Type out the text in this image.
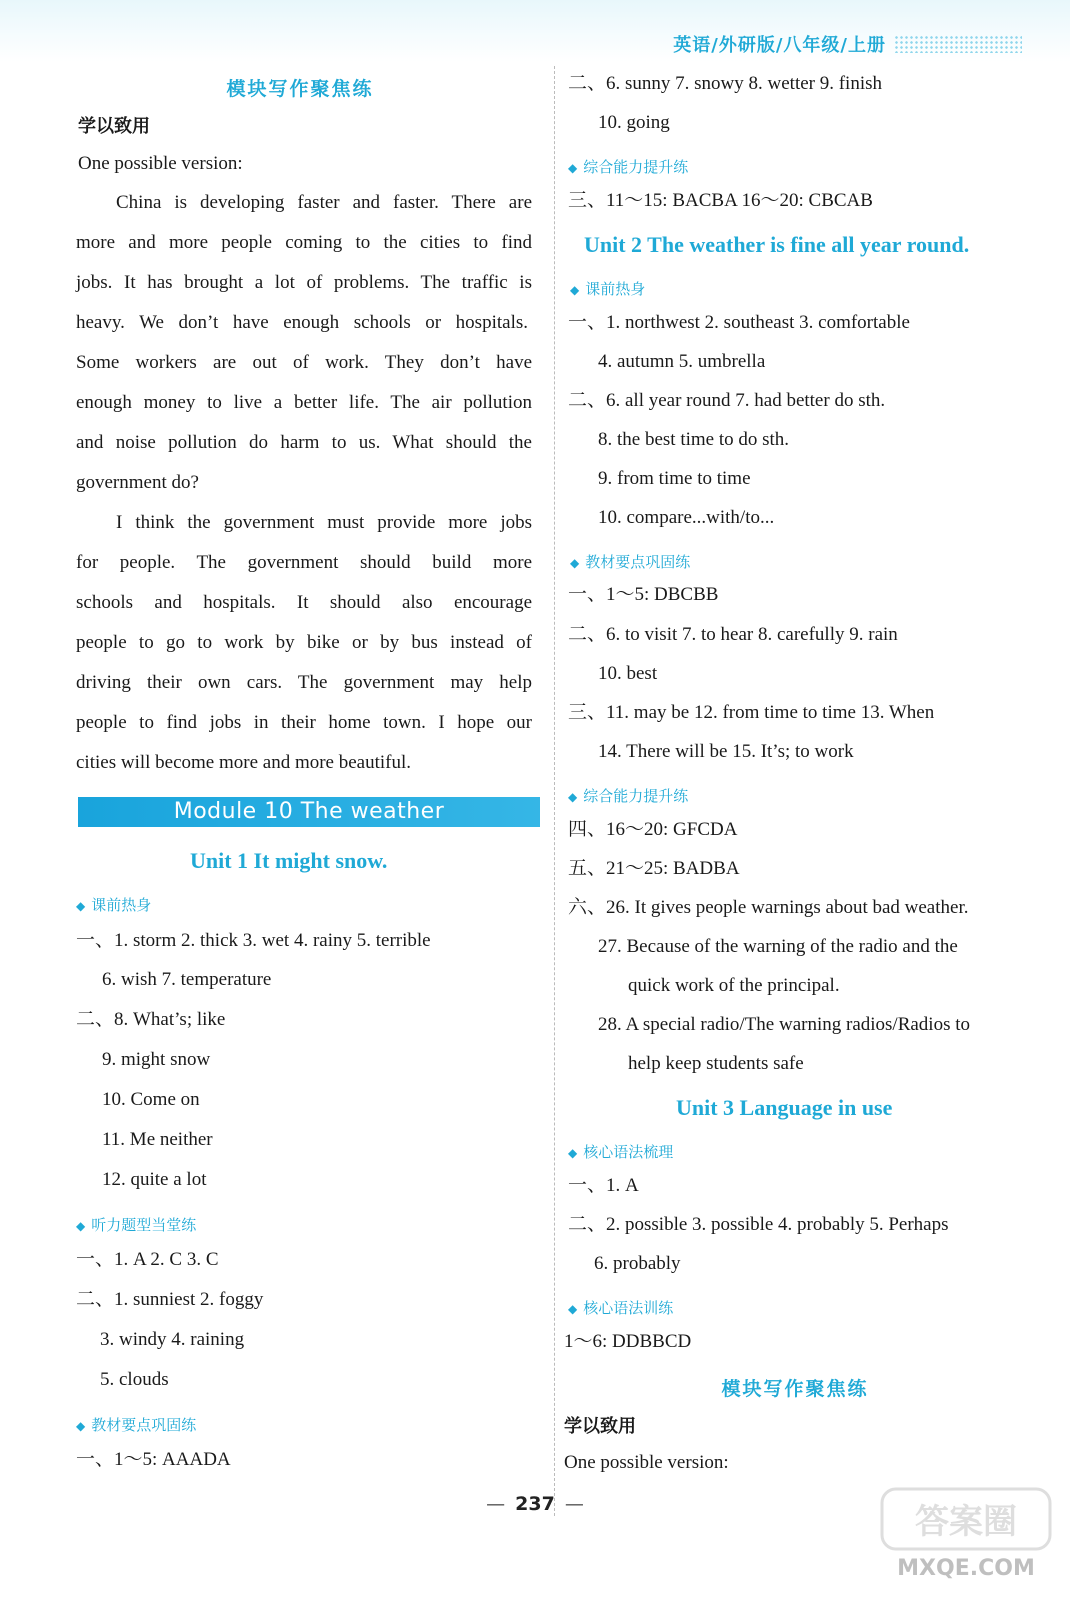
英语/外研版/八年级/上册
模块写作聚焦练
学以致用
One possible version:
China is developing faster and faster. There are
more and more people coming to the cities to find
jobs. It has brought a lot of problems. The traffic is
heavy. We don’t have enough schools or hospitals.
Some workers are out of work. They don’t have
enough money to live a better life. The air pollution
and noise pollution do harm to us. What should the
government do?
I think the government must provide more jobs
for people. The government should build more
schools and hospitals. It should also encourage
people to go to work by bike or by bus instead of
driving their own cars. The government may help
people to find jobs in their home town. I hope our
cities will become more and more beautiful.
Module 10 The weather
Unit 1 It might snow.
◆ 课前热身
一、1. storm 2. thick 3. wet 4. rainy 5. terrible
6. wish 7. temperature
二、8. What’s; like
9. might snow
10. Come on
11. Me neither
12. quite a lot
◆ 听力题型当堂练
一、1. A 2. C 3. C
二、1. sunniest 2. foggy
3. windy 4. raining
5. clouds
◆ 教材要点巩固练
一、1～5: AAADA
二、6. sunny 7. snowy 8. wetter 9. finish
10. going
◆ 综合能力提升练
三、11～15: BACBA 16～20: CBCAB
Unit 2 The weather is fine all year round.
◆ 课前热身
一、1. northwest 2. southeast 3. comfortable
4. autumn 5. umbrella
二、6. all year round 7. had better do sth.
8. the best time to do sth.
9. from time to time
10. compare...with/to...
◆ 教材要点巩固练
一、1～5: DBCBB
二、6. to visit 7. to hear 8. carefully 9. rain
10. best
三、11. may be 12. from time to time 13. When
14. There will be 15. It’s; to work
◆ 综合能力提升练
四、16～20: GFCDA
五、21～25: BADBA
六、26. It gives people warnings about bad weather.
27. Because of the warning of the radio and the
quick work of the principal.
28. A special radio/The warning radios/Radios to
help keep students safe
Unit 3 Language in use
◆ 核心语法梳理
一、1. A
二、2. possible 3. possible 4. probably 5. Perhaps
6. probably
◆ 核心语法训练
1～6: DDBBCD
模块写作聚焦练
学以致用
One possible version:
— 237 —	答案圈
MXQE.COM
